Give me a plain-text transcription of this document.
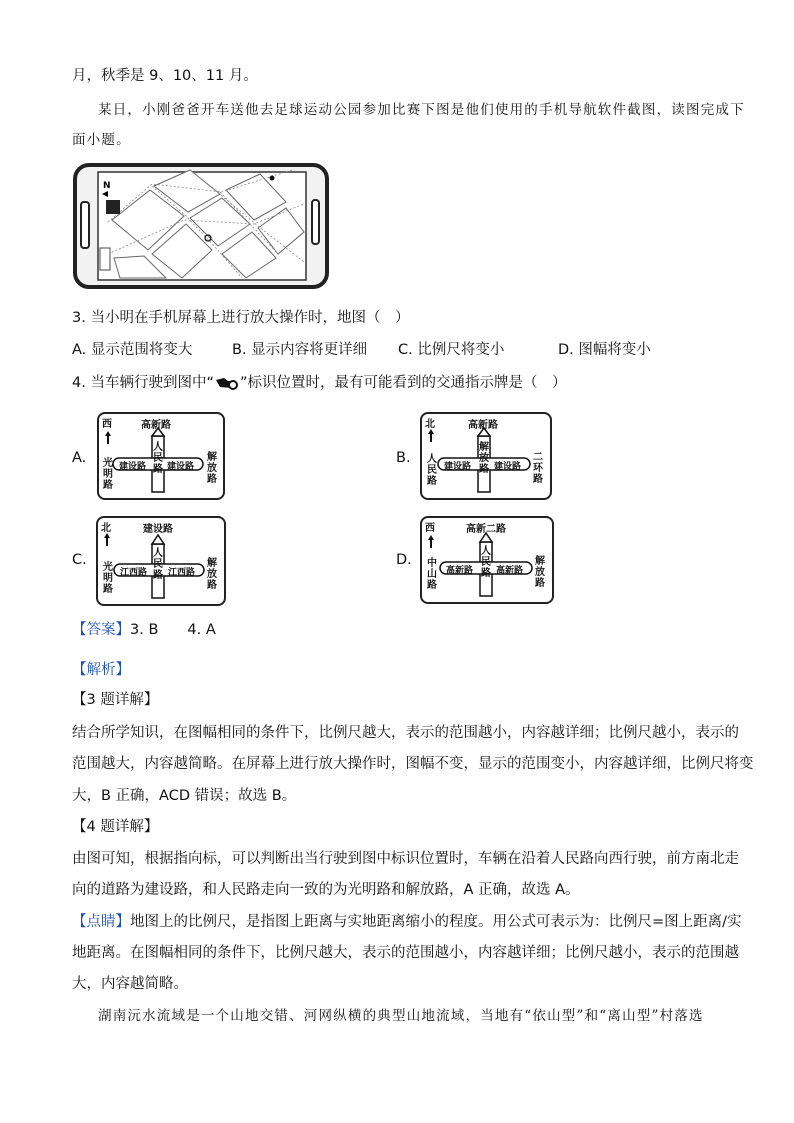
月，秋季是 9、10、11 月。
某日，小刚爸爸开车送他去足球运动公园参加比赛下图是他们使用的手机导航软件截图，读图完成下
面小题。
N
3. 当小明在手机屏幕上进行放大操作时，地图（　）
A. 显示范围将变大	B. 显示内容将更详细 C. 比例尺将变小	D. 图幅将变小
4. 当车辆行驶到图中“ ”标识位置时，最有可能看到的交通指示牌是（　）
A.
西	高新路
人民路
光明路
建设路 建设路
解放路
B.
北	高新路
解放路
人民路
建设路	建设路
二环路
C.
北	建设路
人民路
光明路
江西路 江西路
解放路
D.
西	高新二路
人民路
中山路
高新路	高新路
解放路
【答案】3. B　　4. A
【解析】
【3 题详解】
结合所学知识，在图幅相同的条件下，比例尺越大，表示的范围越小，内容越详细；比例尺越小，表示的
范围越大，内容越简略。在屏幕上进行放大操作时，图幅不变，显示的范围变小，内容越详细，比例尺将变
大，B 正确，ACD 错误；故选 B。
【4 题详解】
由图可知，根据指向标，可以判断出当行驶到图中标识位置时，车辆在沿着人民路向西行驶，前方南北走
向的道路为建设路，和人民路走向一致的为光明路和解放路，A 正确，故选 A。
【点睛】地图上的比例尺，是指图上距离与实地距离缩小的程度。用公式可表示为：比例尺=图上距离/实
地距离。在图幅相同的条件下，比例尺越大，表示的范围越小，内容越详细；比例尺越小，表示的范围越
大，内容越简略。
湖南沅水流域是一个山地交错、河网纵横的典型山地流域，当地有“依山型”和“离山型”村落选
